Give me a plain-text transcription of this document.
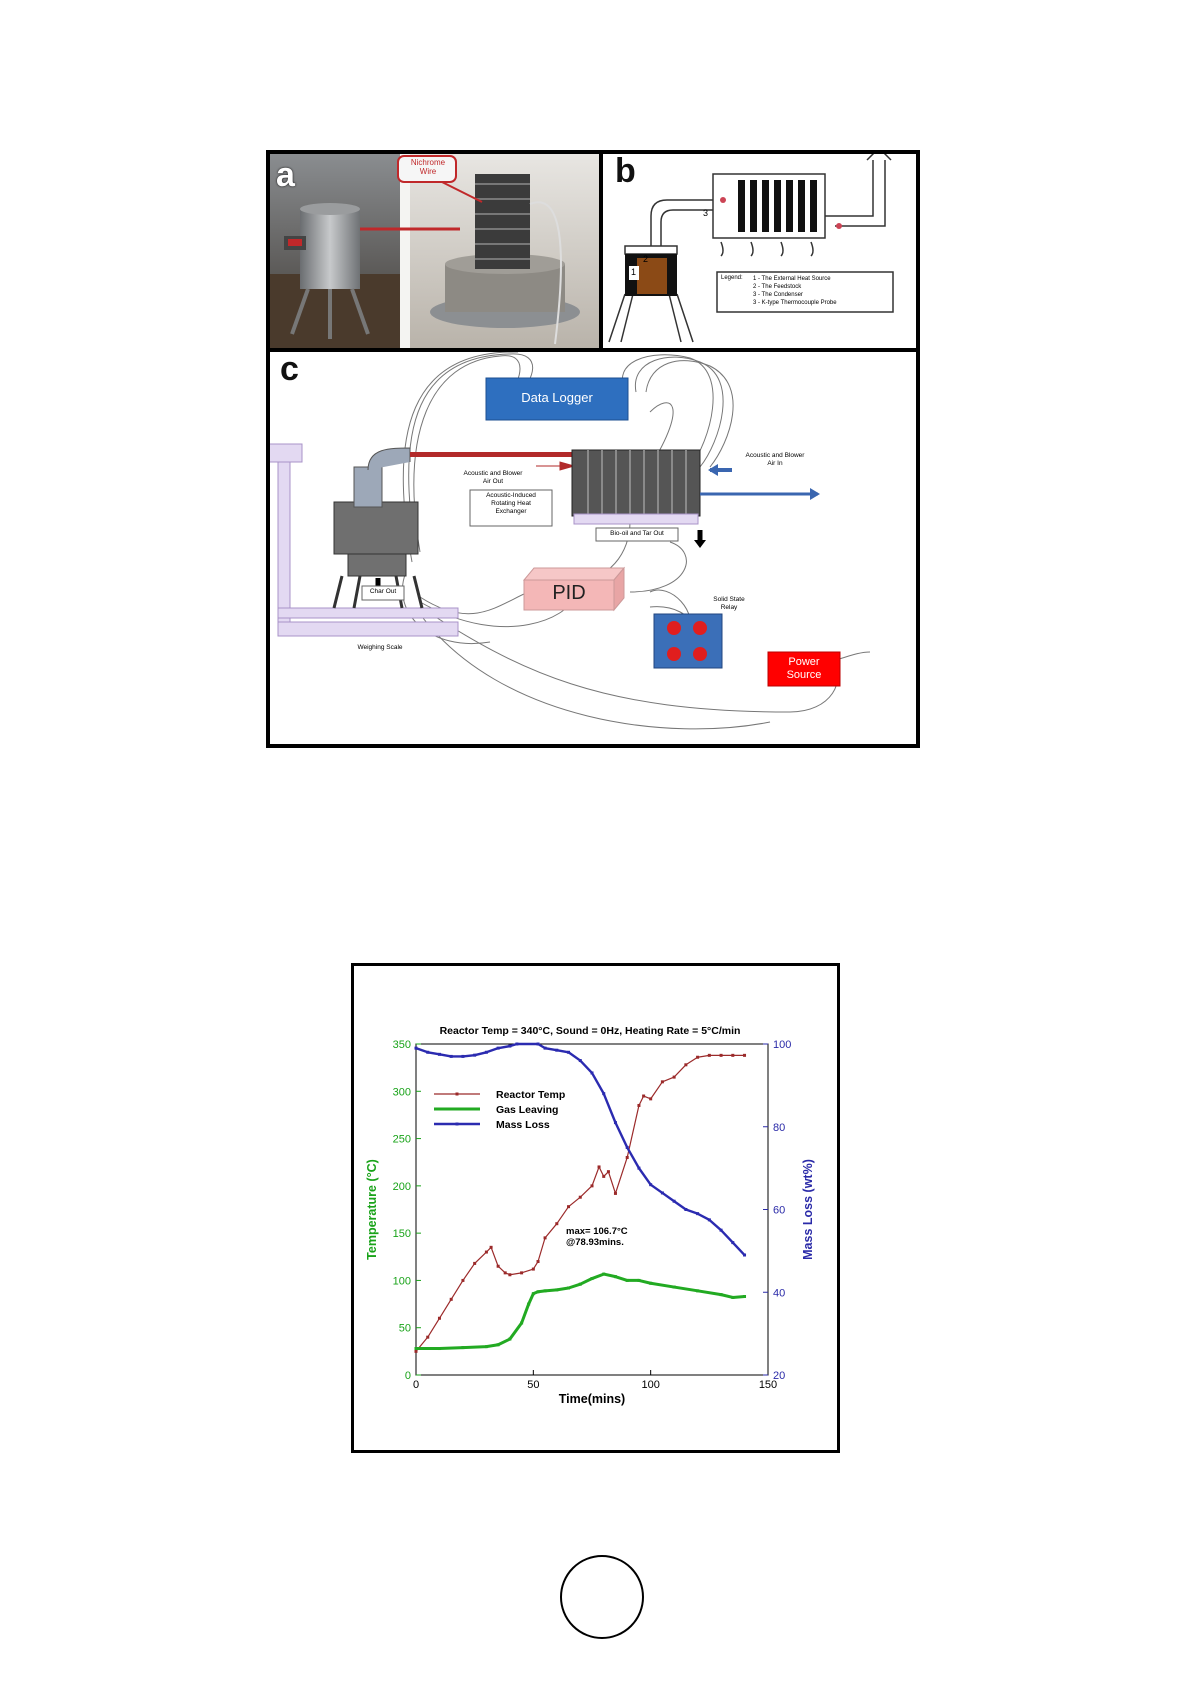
Nichrome
Wire
a
1
2
3
Legend: 1 - The External Heat Source
2 - The Feedstock
3 - The Condenser
3 - K-type Thermocouple Probe
b
Data Logger
Acoustic and Blower
Air Out
Acoustic and Blower
Air In
Acoustic-Induced
Rotating Heat
Exchanger
Bio-oil and Tar Out
Char Out	PID	Solid State
Relay
Power
Source
Weighing Scale
c
Reactor Temp = 340°C, Sound = 0Hz, Heating Rate = 5°C/min
0	50	100	150
0
50
100
150
200
250
300
350
20
40
60
80
100
Time(mins)
Temperature (°C)	Mass Loss (wt%)
Reactor Temp
Gas Leaving
Mass Loss
max= 106.7°C
@78.93mins.
